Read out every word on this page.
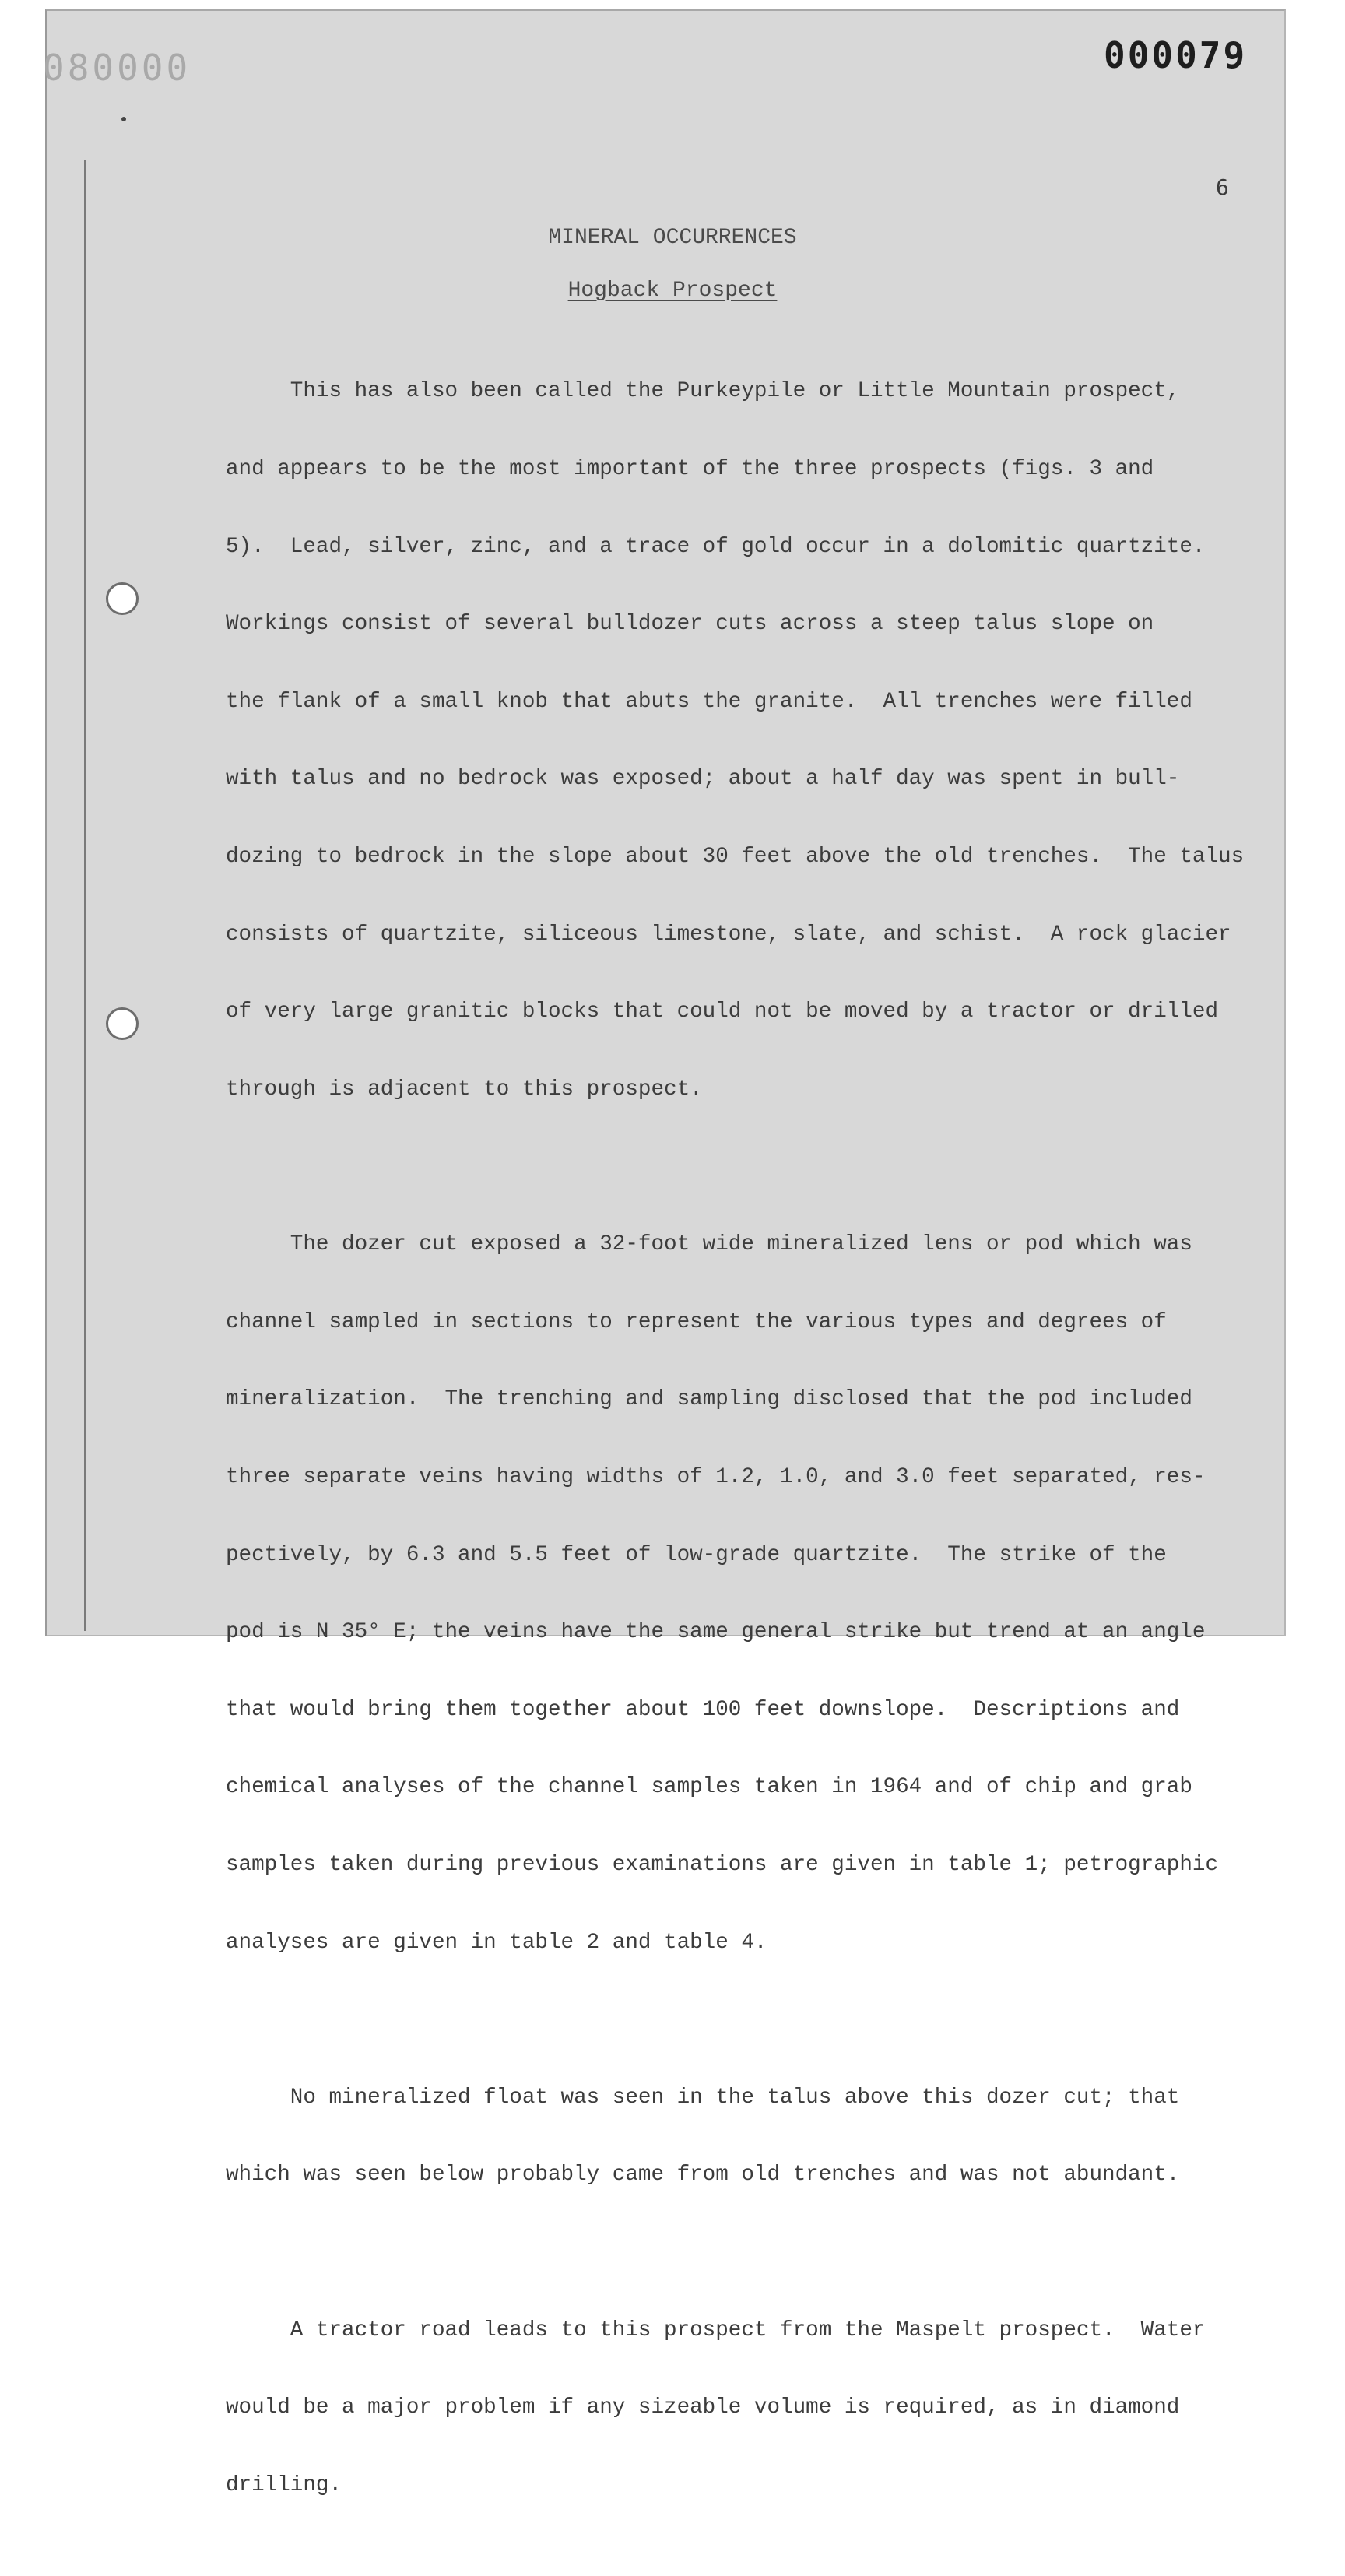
080000	000079
6
MINERAL OCCURRENCES
Hogback Prospect

This has also been called the Purkeypile or Little Mountain prospect,

and appears to be the most important of the three prospects (figs. 3 and

5).  Lead, silver, zinc, and a trace of gold occur in a dolomitic quartzite.

Workings consist of several bulldozer cuts across a steep talus slope on

the flank of a small knob that abuts the granite.  All trenches were filled

with talus and no bedrock was exposed; about a half day was spent in bull-

dozing to bedrock in the slope about 30 feet above the old trenches.  The talus

consists of quartzite, siliceous limestone, slate, and schist.  A rock glacier

of very large granitic blocks that could not be moved by a tractor or drilled

through is adjacent to this prospect.

The dozer cut exposed a 32-foot wide mineralized lens or pod which was

channel sampled in sections to represent the various types and degrees of

mineralization.  The trenching and sampling disclosed that the pod included

three separate veins having widths of 1.2, 1.0, and 3.0 feet separated, res-

pectively, by 6.3 and 5.5 feet of low-grade quartzite.  The strike of the

pod is N 35° E; the veins have the same general strike but trend at an angle

that would bring them together about 100 feet downslope.  Descriptions and

chemical analyses of the channel samples taken in 1964 and of chip and grab

samples taken during previous examinations are given in table 1; petrographic

analyses are given in table 2 and table 4.

No mineralized float was seen in the talus above this dozer cut; that

which was seen below probably came from old trenches and was not abundant.

A tractor road leads to this prospect from the Maspelt prospect.  Water

would be a major problem if any sizeable volume is required, as in diamond

drilling.
